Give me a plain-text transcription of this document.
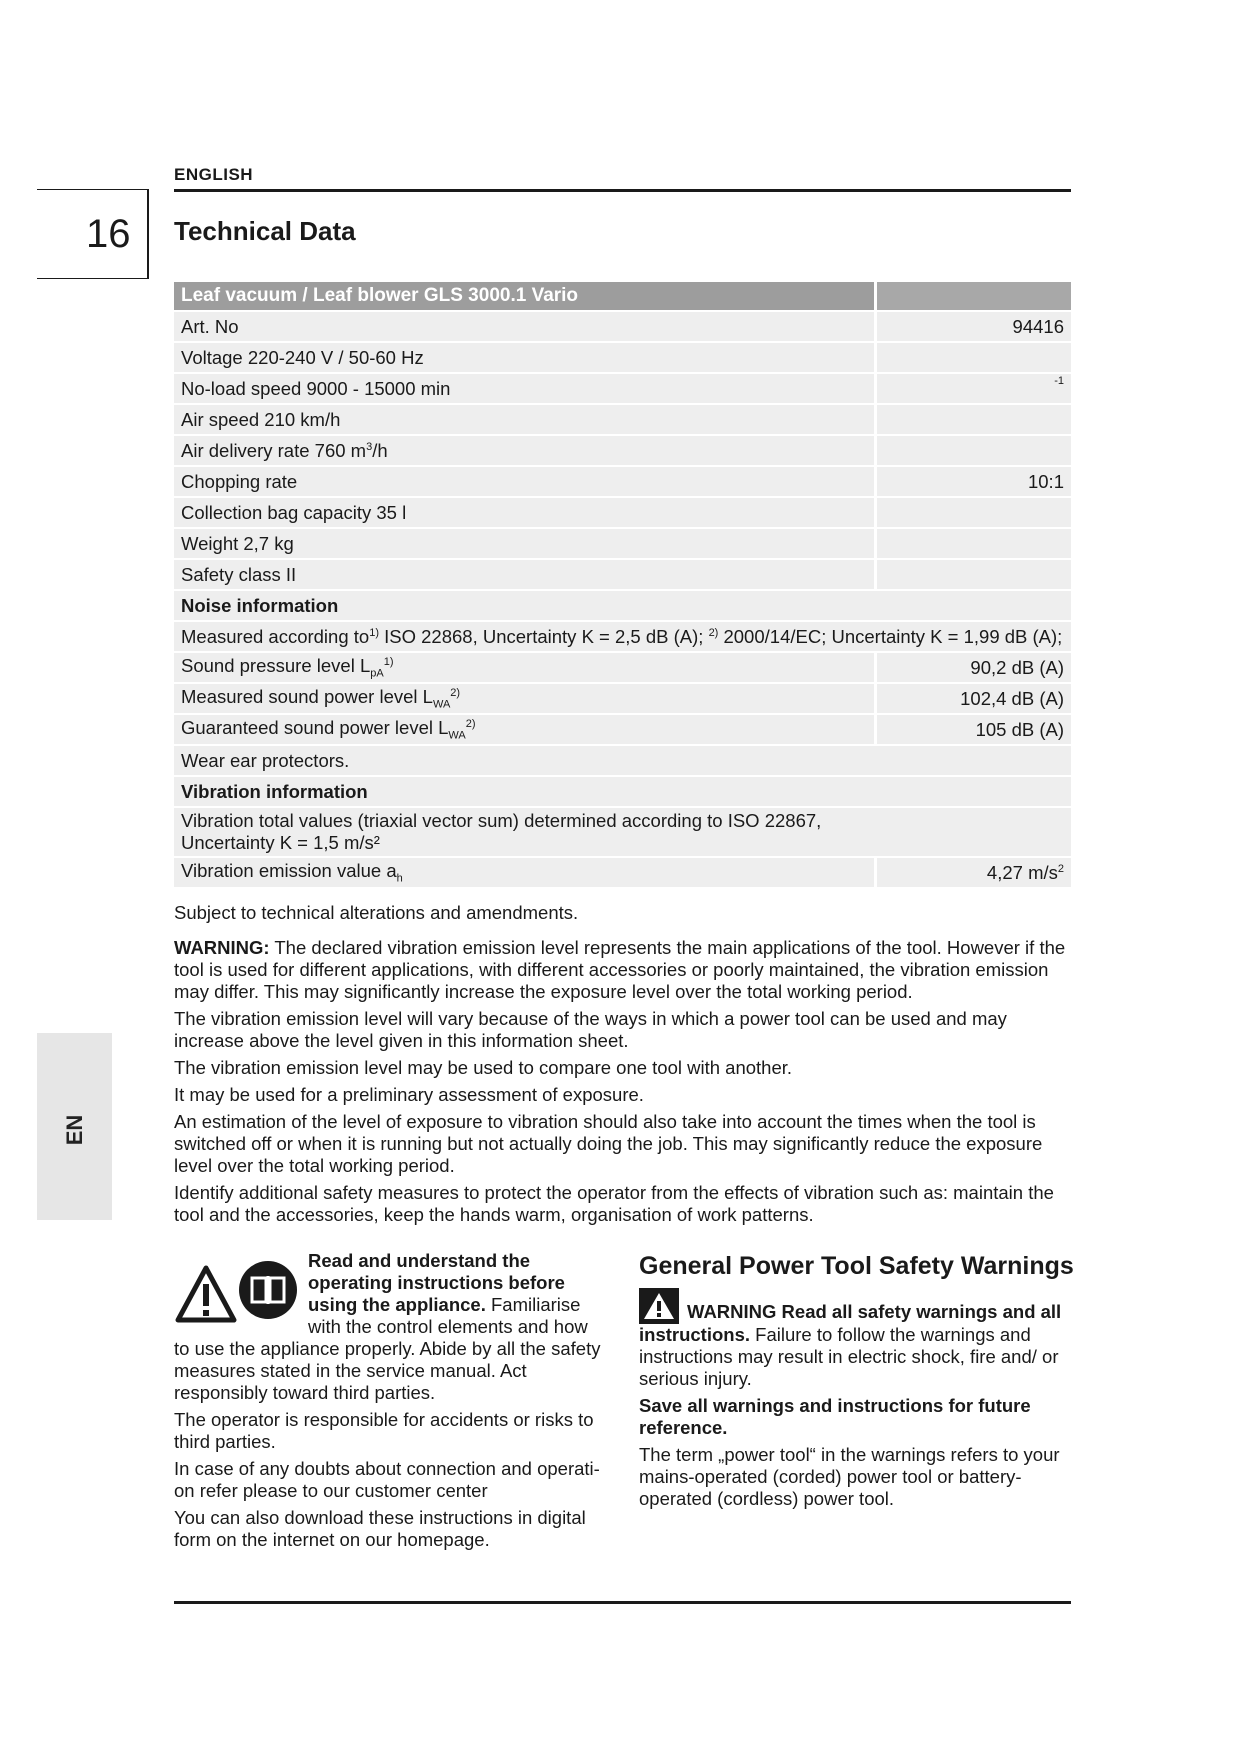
ENGLISH
16 Technical Data
EN
Leaf vacuum / Leaf blower GLS 3000.1 Vario	
Art. No	94416
Voltage 220-240 V / 50-60 Hz	
No-load speed 9000 - 15000 min	$^{-1}$
Air speed 210 km/h	
Air delivery rate 760 $m^3/h$	
Chopping rate	10:1
Collection bag capacity 35 l	
Weight 2,7 kg	
Safety class II	
Noise information	
Measured according $to^{1)}$ ISO 22868, Uncertainty K = 2,5 dB (A); $^{2)}$ 2000/14/EC; Uncertainty K = 1,99 dB (A);	
Sound pressure level $L_{pA}^{1)}$	90,2 dB (A)
Measured sound power level $L_{WA}^{2)}$	102,4 dB (A)
Guaranteed sound power level $L_{WA}^{2)}$	105 dB (A)
Wear ear protectors.	
Vibration information	
Vibration total values (triaxial vector sum) determined according to ISO 22867,
Uncertainty K = 1,5 m/s²	
Vibration emission value $a_h$	4,27 $m/s^2$
Subject to technical alterations and amendments.

WARNING: The declared vibration emission level represents the main applications of the tool. However if the tool is used for different applications, with different accessories or poorly maintained, the vibration emission may differ. This may significantly increase the exposure level over the total working period.

The vibration emission level will vary because of the ways in which a power tool can be used and may increase above the level given in this information sheet.

The vibration emission level may be used to compare one tool with another.

It may be used for a preliminary assessment of exposure.

An estimation of the level of exposure to vibration should also take into account the times when the tool is switched off or when it is running but not actually doing the job. This may significantly reduce the exposure level over the total working period.

Identify additional safety measures to protect the operator from the effects of vibration such as: maintain the tool and the accessories, keep the hands warm, organisation of work patterns.

Read and understand the operating instructions before using the appliance. Familiarise with the control elements and how to use the appliance properly. Abide by all the safety measures stated in the service manual. Act responsibly toward third parties.

The operator is responsible for accidents or risks to third parties.

In case of any doubts about connection and operati-on refer please to our customer center

You can also download these instructions in digital form on the internet on our homepage.

General Power Tool Safety Warnings

WARNING Read all safety warnings and all instructions. Failure to follow the warnings and instructions may result in electric shock, fire and/ or serious injury.

Save all warnings and instructions for future reference.

The term „power tool“ in the warnings refers to your mains-operated (corded) power tool or battery-operated (cordless) power tool.
